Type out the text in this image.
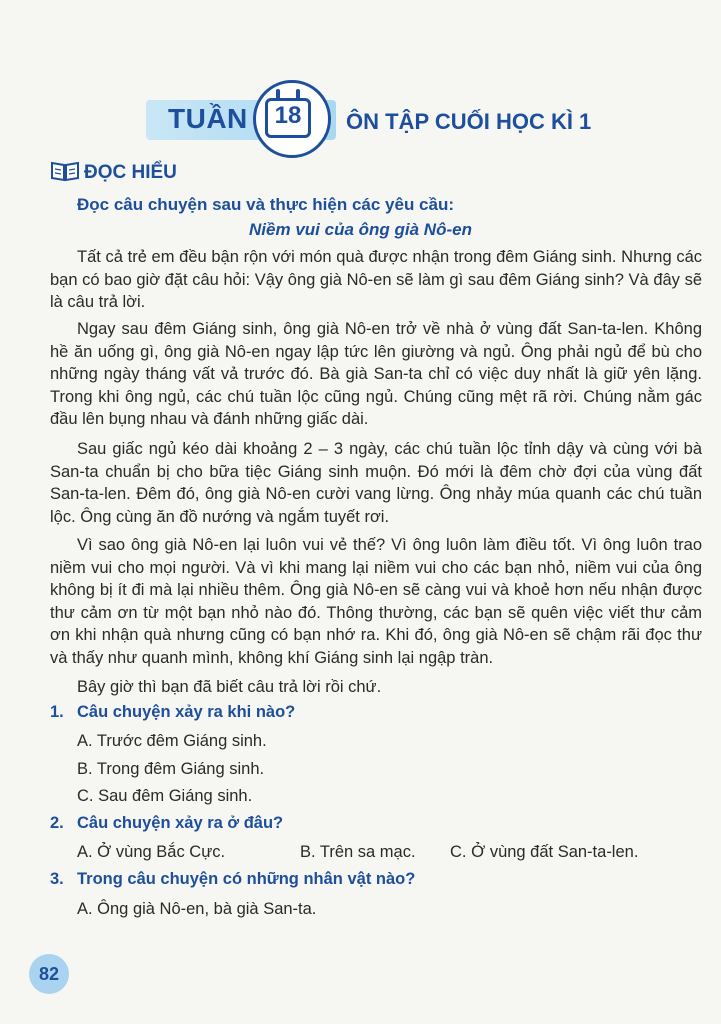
TUẦN	18	ÔN TẬP CUỐI HỌC KÌ 1
ĐỌC HIỂU
Đọc câu chuyện sau và thực hiện các yêu cầu:
Niềm vui của ông già Nô-en

Tất cả trẻ em đều bận rộn với món quà được nhận trong đêm Giáng sinh. Nhưng các bạn có bao giờ đặt câu hỏi: Vậy ông già Nô-en sẽ làm gì sau đêm Giáng sinh? Và đây sẽ là câu trả lời.

Ngay sau đêm Giáng sinh, ông già Nô-en trở về nhà ở vùng đất San-ta-len. Không hề ăn uống gì, ông già Nô-en ngay lập tức lên giường và ngủ. Ông phải ngủ để bù cho những ngày tháng vất vả trước đó. Bà già San-ta chỉ có việc duy nhất là giữ yên lặng. Trong khi ông ngủ, các chú tuần lộc cũng ngủ. Chúng cũng mệt rã rời. Chúng nằm gác đầu lên bụng nhau và đánh những giấc dài.

Sau giấc ngủ kéo dài khoảng 2 – 3 ngày, các chú tuần lộc tỉnh dậy và cùng với bà San-ta chuẩn bị cho bữa tiệc Giáng sinh muộn. Đó mới là đêm chờ đợi của vùng đất San-ta-len. Đêm đó, ông già Nô-en cười vang lừng. Ông nhảy múa quanh các chú tuần lộc. Ông cùng ăn đồ nướng và ngắm tuyết rơi.

Vì sao ông già Nô-en lại luôn vui vẻ thế? Vì ông luôn làm điều tốt. Vì ông luôn trao niềm vui cho mọi người. Và vì khi mang lại niềm vui cho các bạn nhỏ, niềm vui của ông không bị ít đi mà lại nhiều thêm. Ông già Nô-en sẽ càng vui và khoẻ hơn nếu nhận được thư cảm ơn từ một bạn nhỏ nào đó. Thông thường, các bạn sẽ quên việc viết thư cảm ơn khi nhận quà nhưng cũng có bạn nhớ ra. Khi đó, ông già Nô-en sẽ chậm rãi đọc thư và thấy như quanh mình, không khí Giáng sinh lại ngập tràn.

Bây giờ thì bạn đã biết câu trả lời rồi chứ.

1. Câu chuyện xảy ra khi nào?
A. Trước đêm Giáng sinh.
B. Trong đêm Giáng sinh.
C. Sau đêm Giáng sinh.
2. Câu chuyện xảy ra ở đâu?
A. Ở vùng Bắc Cực.	B. Trên sa mạc. C. Ở vùng đất San-ta-len.
3. Trong câu chuyện có những nhân vật nào?
A. Ông già Nô-en, bà già San-ta.
82
